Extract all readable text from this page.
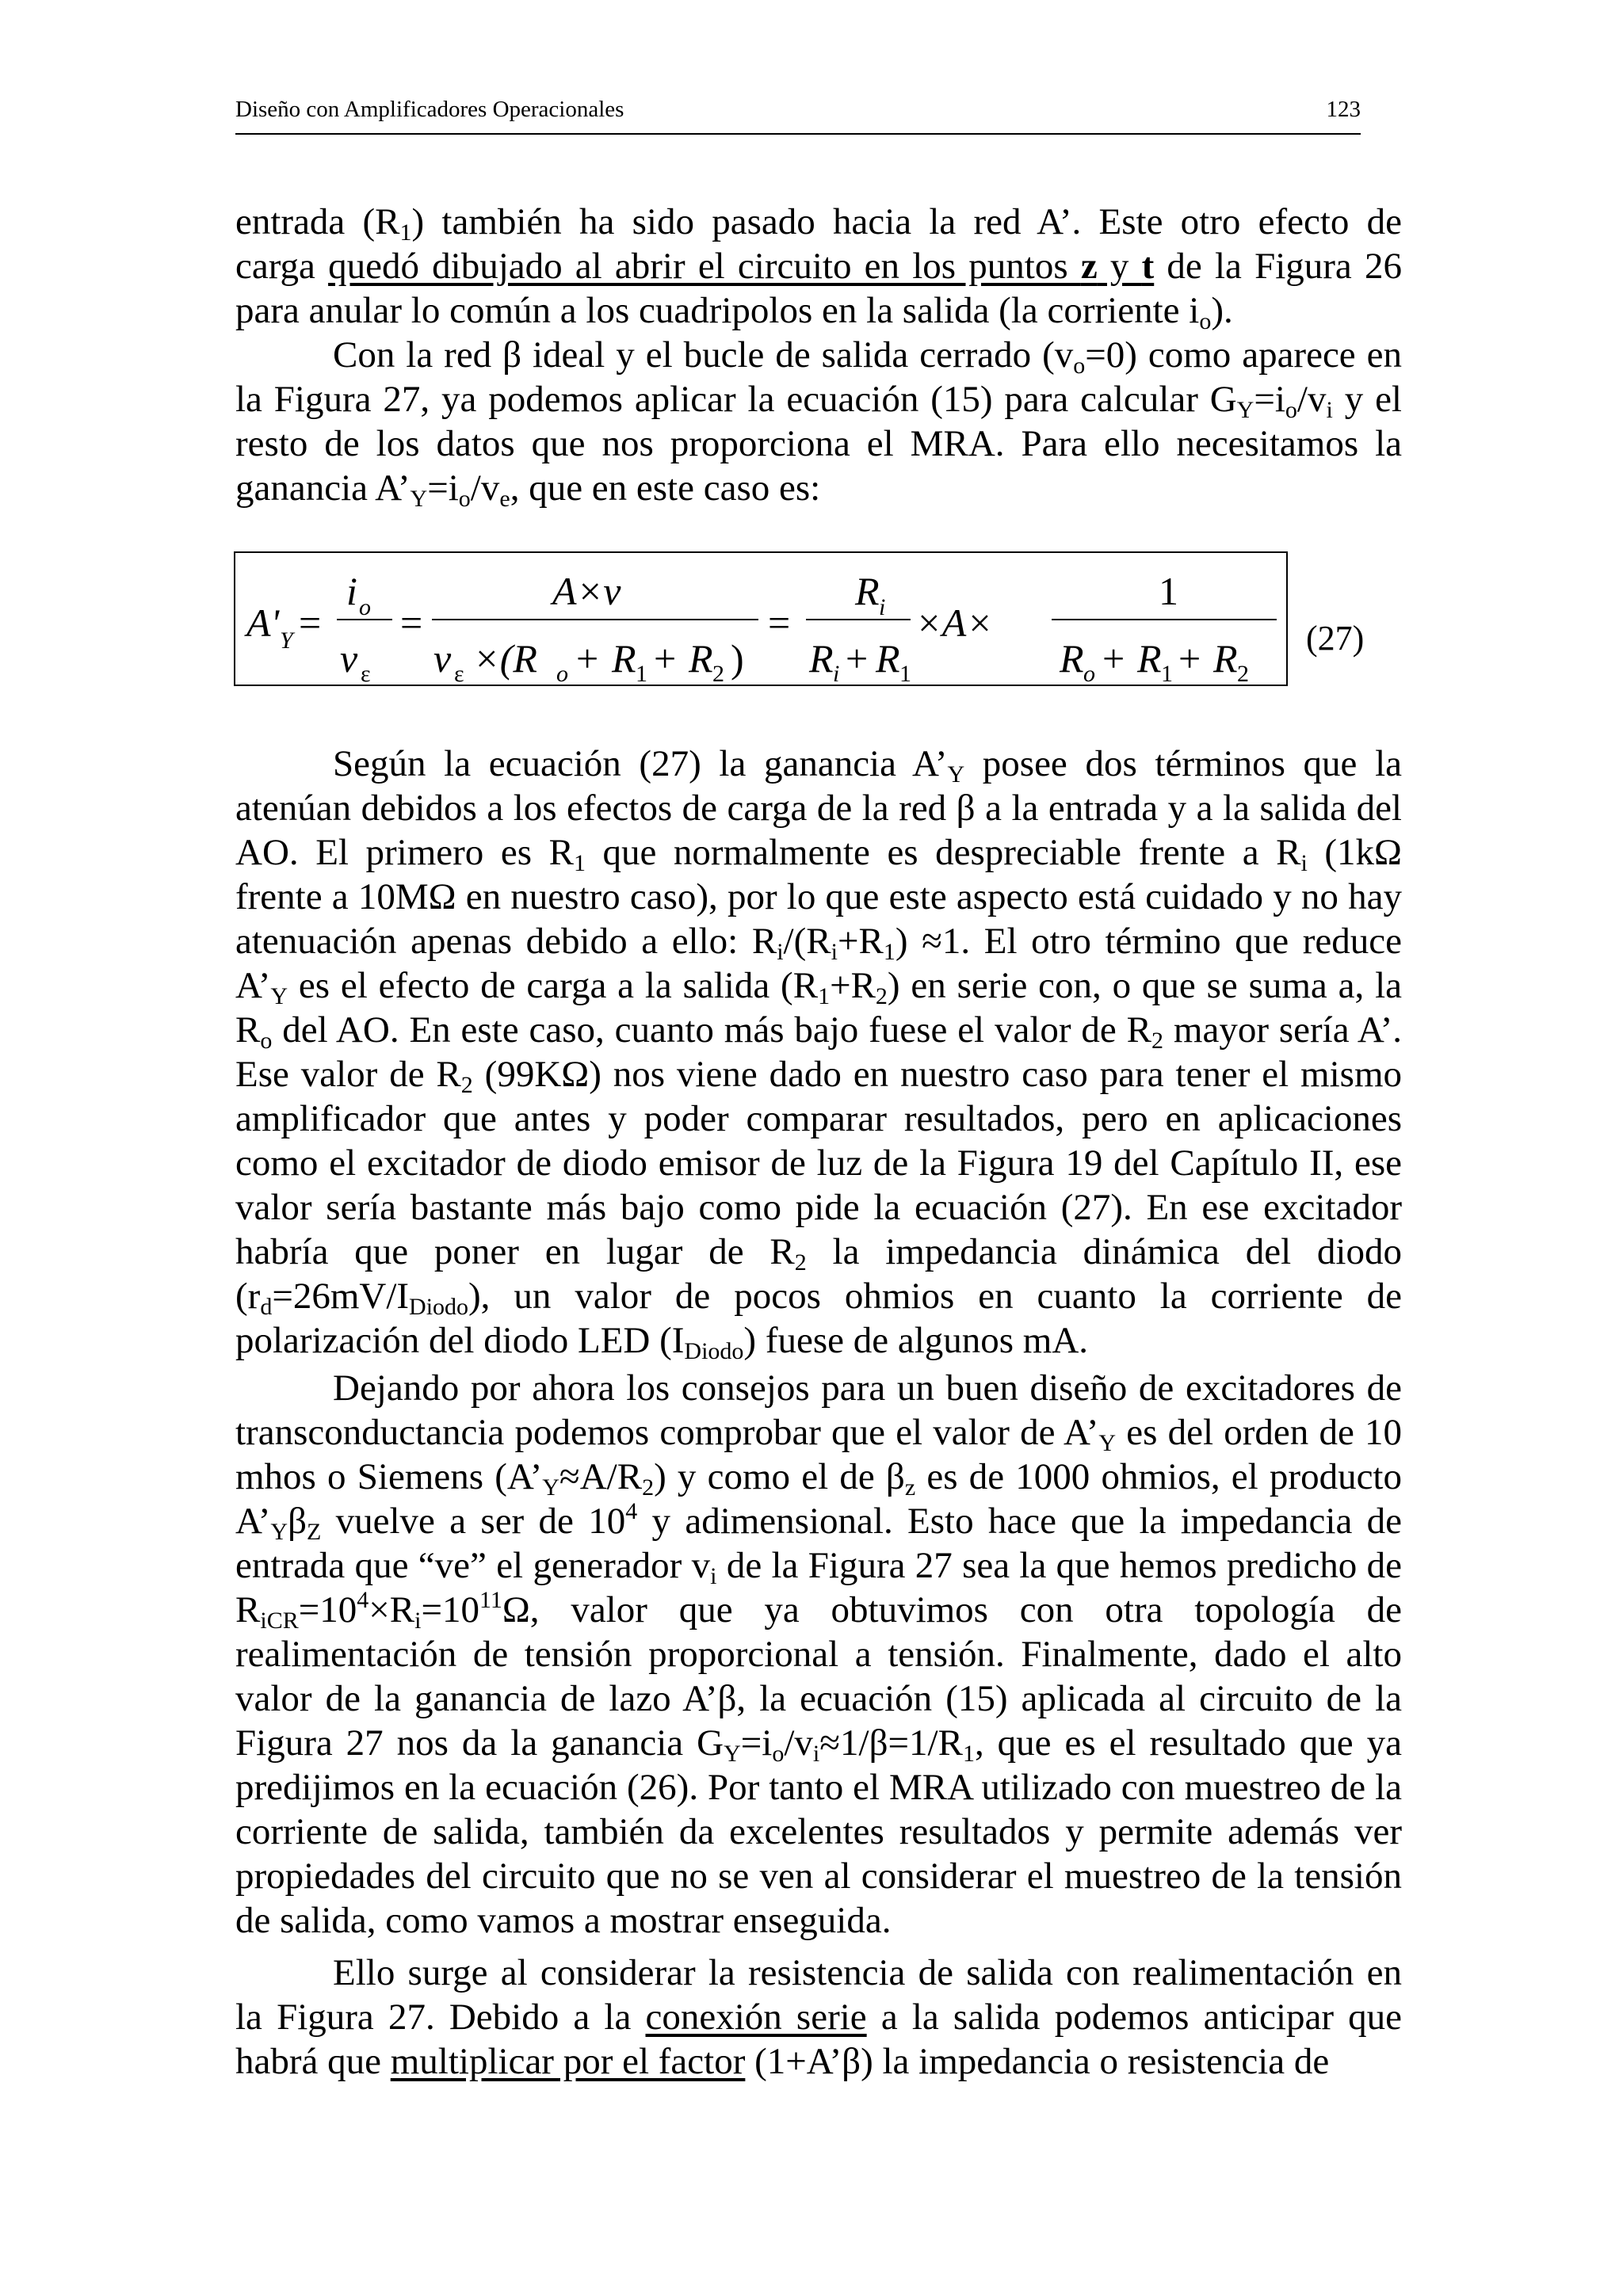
Diseño con Amplificadores Operacionales	123

entrada $(R_1)$ también ha sido pasado hacia la red A’. Este otro efecto de

carga quedó dibujado al abrir el circuito en los puntos z y t de la Figura 26

para anular lo común a los cuadripolos en la salida (la corriente $i_o$).

Con la red β ideal y el bucle de salida cerrado $(v_o=0)$ como aparece en la Figura 27, ya podemos aplicar la ecuación (15) para calcular $G_Y=i_o/v_i$ y el resto de los datos que nos proporciona el MRA. Para ello necesitamos la ganancia $A’_Y=i_o/v_e$, que en este caso es:

A' Y =
i o
v ε
=
A×v
v ε ×(R o + R 1 + R 2 )
=
R i
R i + R 1
×A×
1
R o + R 1 + R 2
(27)

Según la ecuación (27) la ganancia $A’_Y$ posee dos términos que la atenúan debidos a los efectos de carga de la red β a la entrada y a la salida del AO. El primero es $R_1$ que normalmente es despreciable frente a $R_i$ (1kΩ frente a 10MΩ en nuestro caso), por lo que este aspecto está cuidado y no hay atenuación apenas debido a ello: $R_i/(R_i+R_1) \approx 1$. El otro término que reduce $A’_Y$ es el efecto de carga a la salida $(R_1+R_2)$ en serie con, o que se suma a, la $R_o$ del AO. En este caso, cuanto más bajo fuese el valor de $R_2$ mayor sería A’. Ese valor de $R_2$ (99KΩ) nos viene dado en nuestro caso para tener el mismo amplificador que antes y poder comparar resultados, pero en aplicaciones como el excitador de diodo emisor de luz de la Figura 19 del Capítulo II, ese valor sería bastante más bajo como pide la ecuación (27). En ese excitador habría que poner en lugar de $R_2$ la impedancia dinámica del diodo $(r_d=26mV/I_{Diodo})$, un valor de pocos ohmios en cuanto la corriente de polarización del diodo LED $(I_{Diodo})$ fuese de algunos mA.

Dejando por ahora los consejos para un buen diseño de excitadores de transconductancia podemos comprobar que el valor de $A’_Y$ es del orden de 10 mhos o Siemens $(A’_Y\approx A/R_2)$ y como el de $\beta_z$ es de 1000 ohmios, el producto $A’_Y\beta_Z$ vuelve a ser de $10^4$ y adimensional. Esto hace que la impedancia de entrada que “ve” el generador $v_i$ de la Figura 27 sea la que hemos predicho de $R_{iCR}=10^4\times R_i=10^{11}\Omega$, valor que ya obtuvimos con otra topología de realimentación de tensión proporcional a tensión. Finalmente, dado el alto valor de la ganancia de lazo A’β, la ecuación (15) aplicada al circuito de la Figura 27 nos da la ganancia $G_Y=i_o/v_i\approx 1/\beta=1/R_1$, que es el resultado que ya predijimos en la ecuación (26). Por tanto el MRA utilizado con muestreo de la corriente de salida, también da excelentes resultados y permite además ver propiedades del circuito que no se ven al considerar el muestreo de la tensión de salida, como vamos a mostrar enseguida.

Ello surge al considerar la resistencia de salida con realimentación en la Figura 27. Debido a la conexión serie a la salida podemos anticipar que habrá que multiplicar por el factor (1+A’β) la impedancia o resistencia de
